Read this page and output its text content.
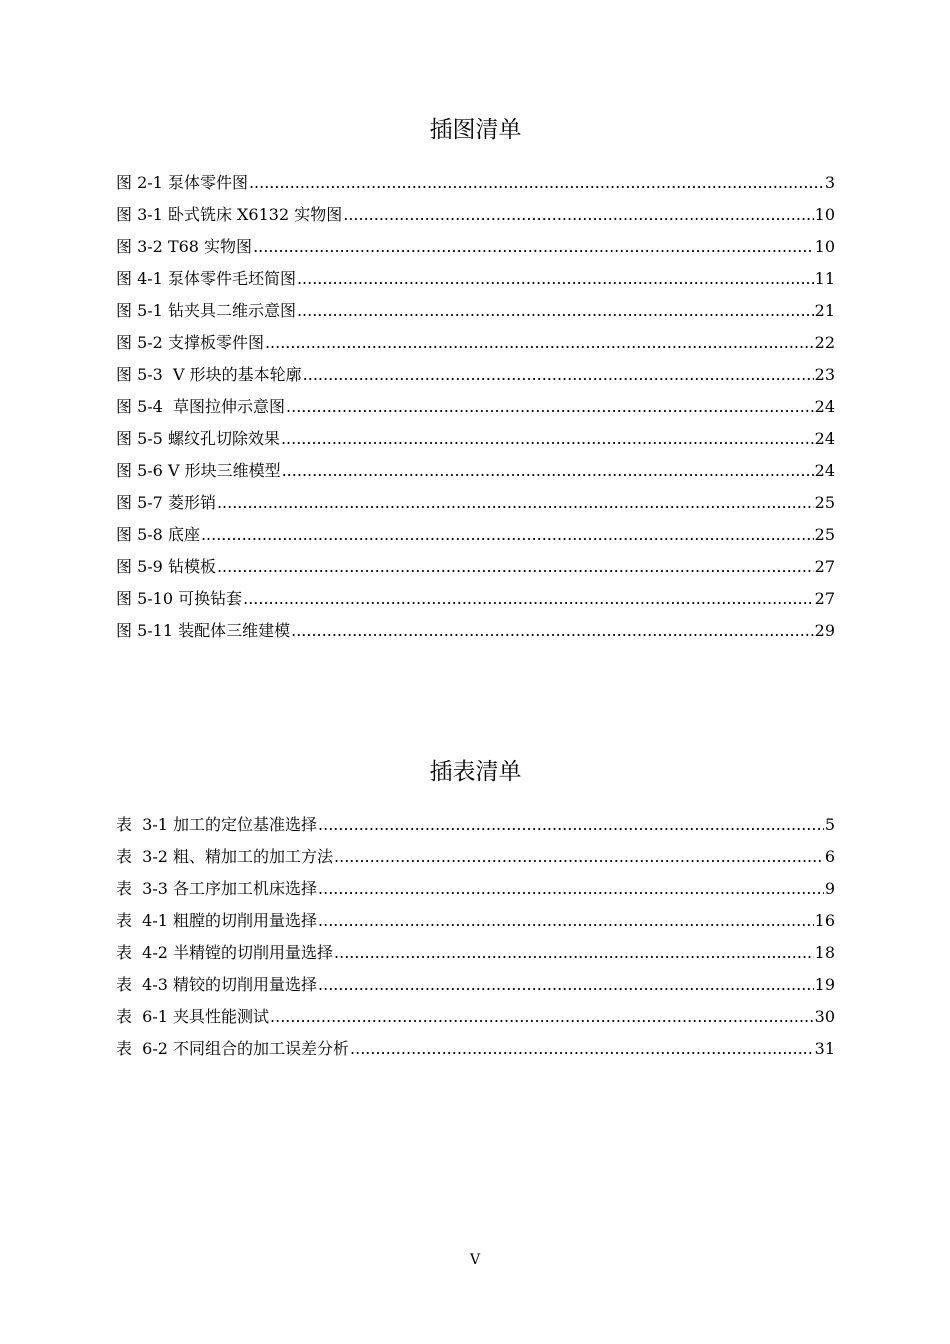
插图清单
图 2-1 泵体零件图 .....	3
图 3-1 卧式铣床 X6132 实物图 .....	10
图 3-2 T68 实物图 .....	10
图 4-1 泵体零件毛坯简图 .....	11
图 5-1 钻夹具二维示意图 .....	21
图 5-2 支撑板零件图 .....	22
图 5-3  V 形块的基本轮廓 .....	23
图 5-4  草图拉伸示意图 .....	24
图 5-5 螺纹孔切除效果 .....	24
图 5-6 V 形块三维模型 .....	24
图 5-7 菱形销 .....	25
图 5-8 底座 .....	25
图 5-9 钻模板 .....	27
图 5-10 可换钻套 .....	27
图 5-11 装配体三维建模 .....	29
插表清单
表  3-1 加工的定位基准选择 .....	5
表  3-2 粗、精加工的加工方法 .....	6
表  3-3 各工序加工机床选择 .....	9
表  4-1 粗膛的切削用量选择 .....	16
表  4-2 半精镗的切削用量选择 .....	18
表  4-3 精铰的切削用量选择 .....	19
表  6-1 夹具性能测试 .....	30
表  6-2 不同组合的加工误差分析 .....	31
V
